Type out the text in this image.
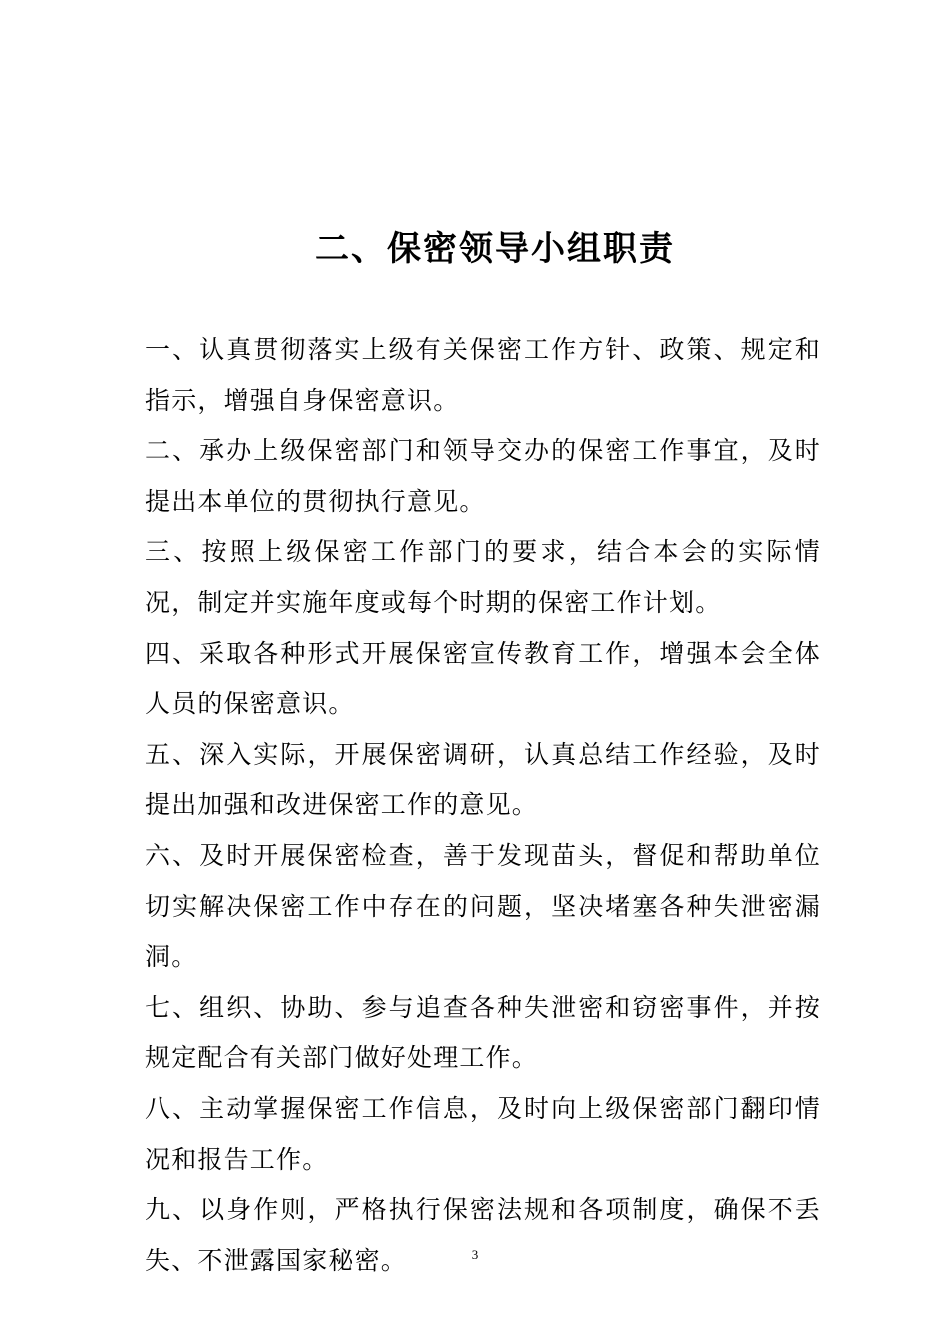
二、保密领导小组职责

一、认真贯彻落实上级有关保密工作方针、政策、规定和指示，增强自身保密意识。

二、承办上级保密部门和领导交办的保密工作事宜，及时提出本单位的贯彻执行意见。

三、按照上级保密工作部门的要求，结合本会的实际情况，制定并实施年度或每个时期的保密工作计划。

四、采取各种形式开展保密宣传教育工作，增强本会全体人员的保密意识。

五、深入实际，开展保密调研，认真总结工作经验，及时提出加强和改进保密工作的意见。

六、及时开展保密检查，善于发现苗头，督促和帮助单位切实解决保密工作中存在的问题，坚决堵塞各种失泄密漏洞。

七、组织、协助、参与追查各种失泄密和窃密事件，并按规定配合有关部门做好处理工作。

八、主动掌握保密工作信息，及时向上级保密部门翻印情况和报告工作。

九、以身作则，严格执行保密法规和各项制度，确保不丢失、不泄露国家秘密。	3
